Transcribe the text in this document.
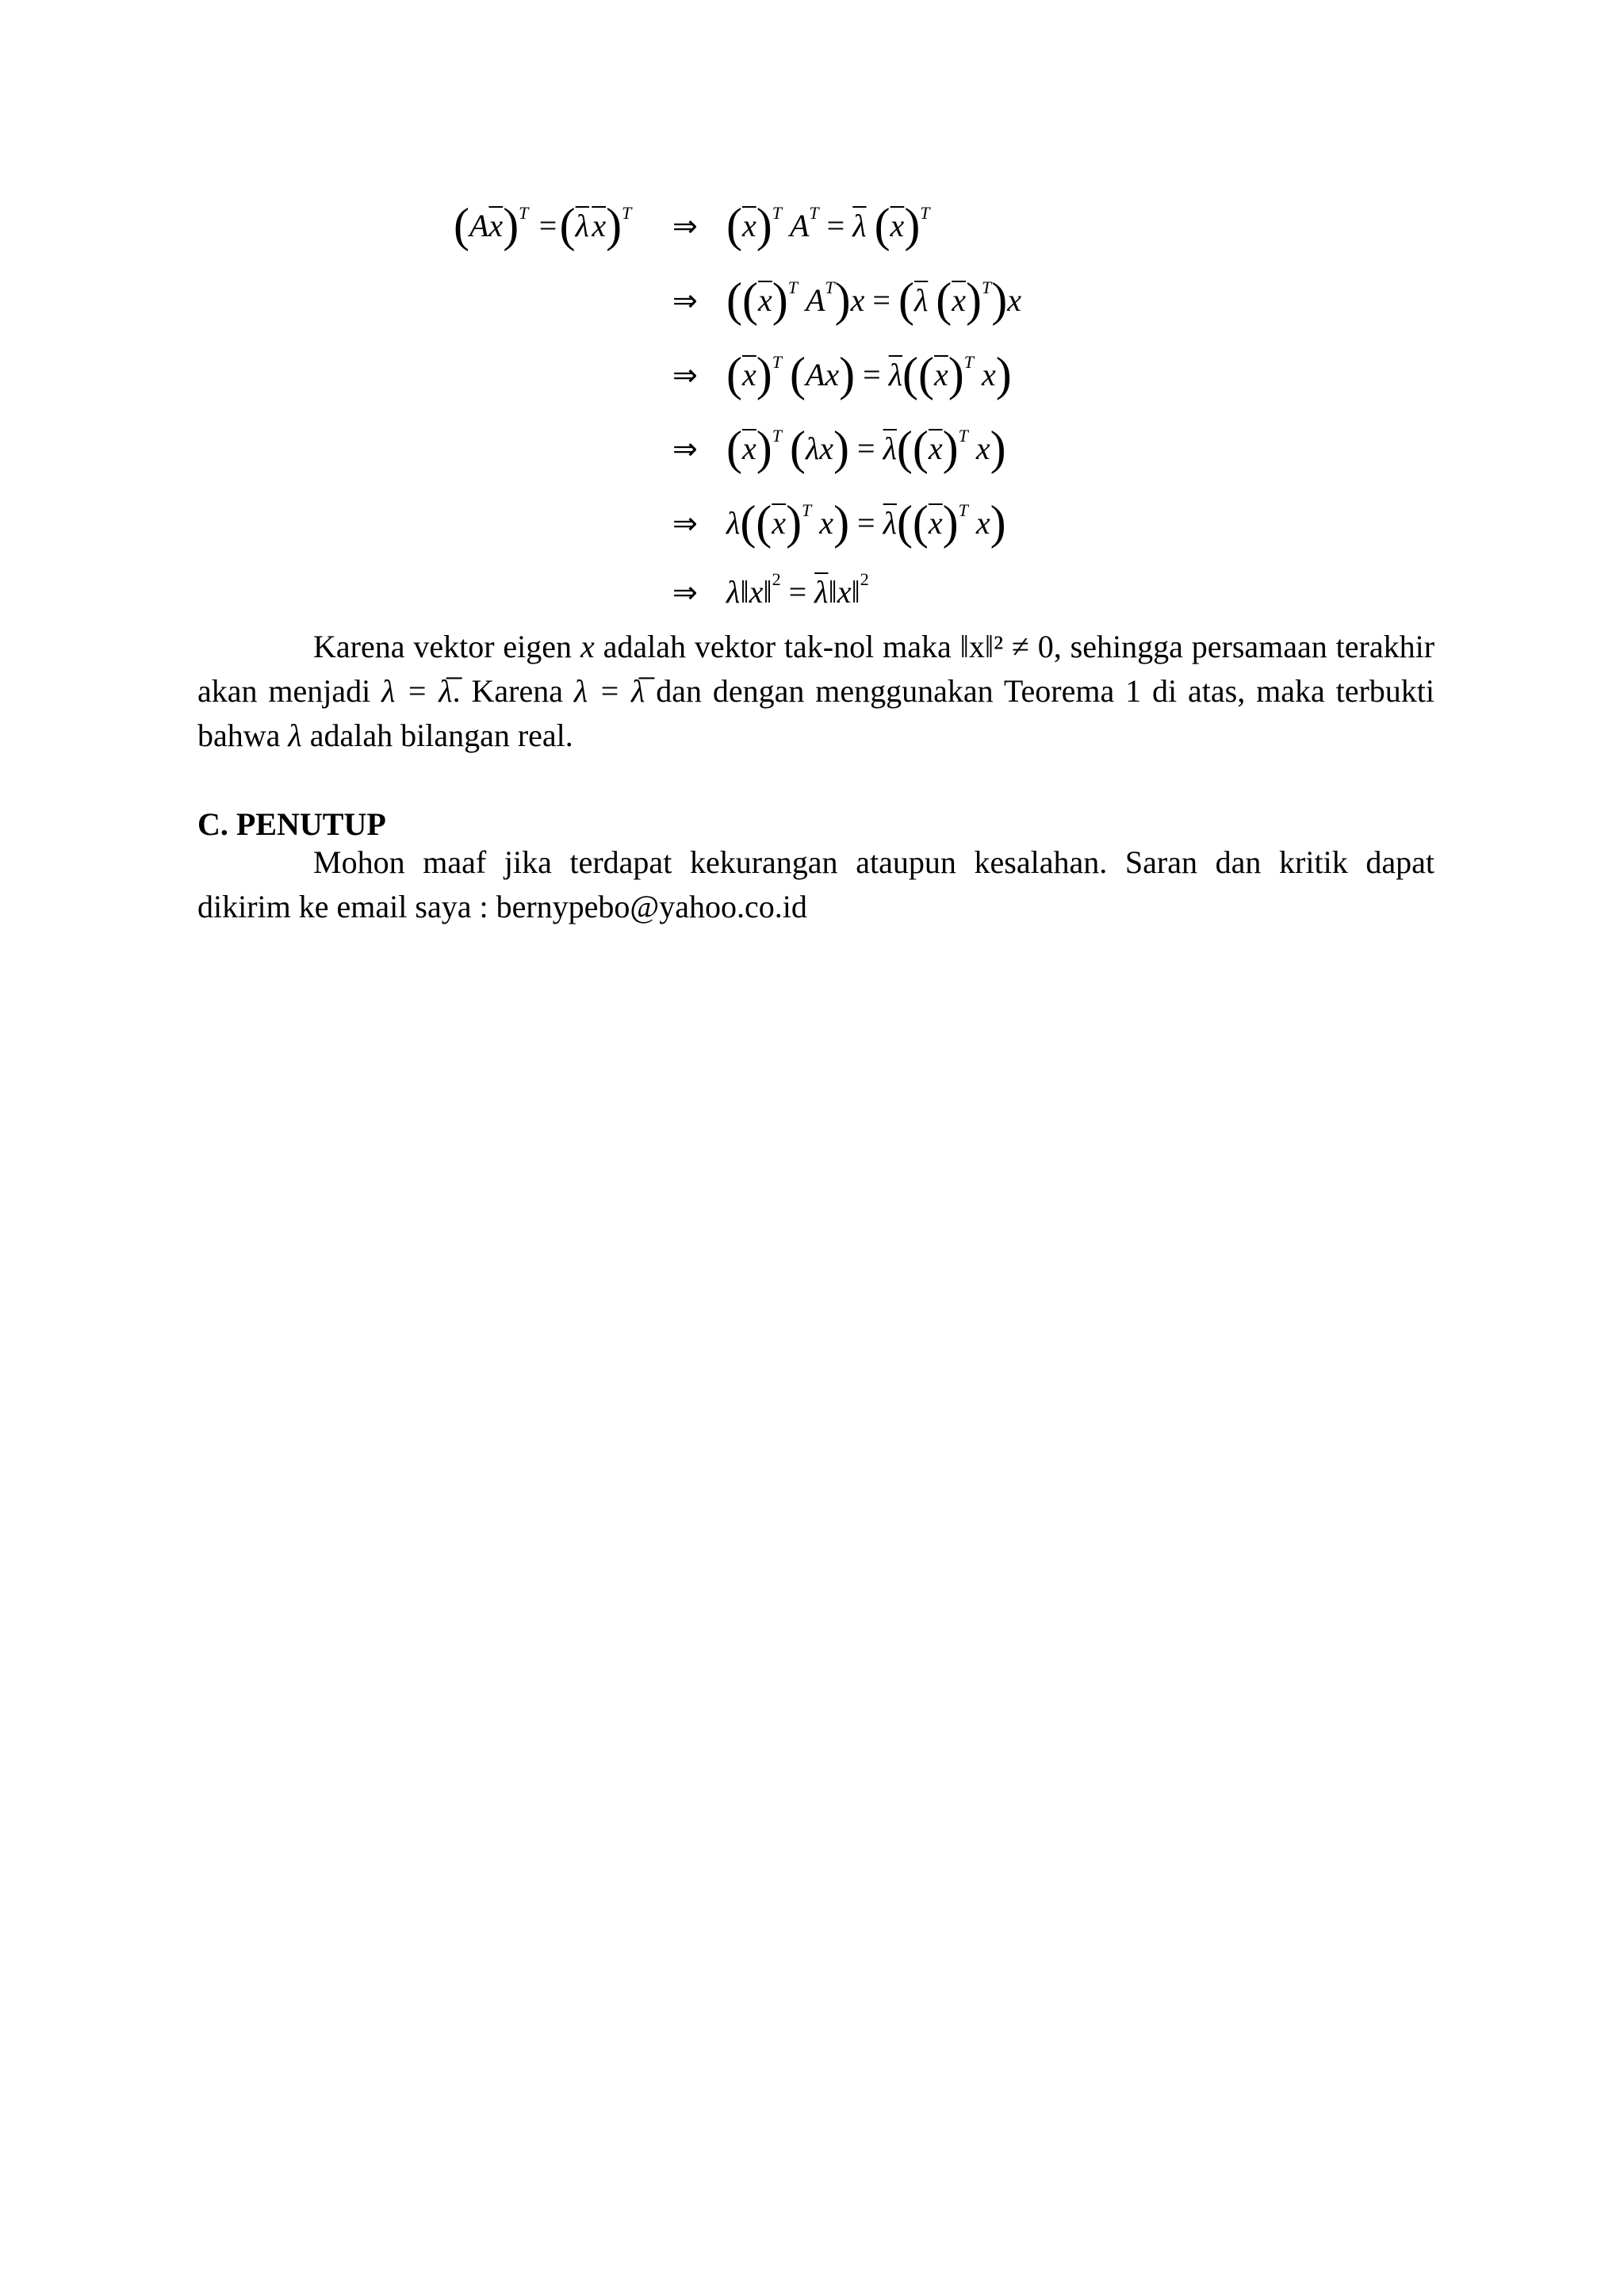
$(A\overline{x})^T$  = ($\overline{\lambda}$ $\overline{x})^T$ ⇒
⇒
⇒
⇒
⇒
⇒
$(\overline{x})^T$ $A^T = \overline{\lambda}$ $(\overline{x})^T$
($(\overline{x})^T$ $A^T)x = (\overline{\lambda}$ $(\overline{x})^T)x$
$(\overline{x})^T$ $(Ax) = \overline{\lambda}((\overline{x})^T$ x)
$(\overline{x})^T$ $(\lambda x) = \overline{\lambda}((\overline{x})^T$ x)
$\lambda((\overline{x})^T$ $x) = \overline{\lambda}((\overline{x})^T$ x)
λ‖x‖$^2$ = $\overline{\lambda}‖x‖^2$
Karena vektor eigen x adalah vektor tak-nol maka ‖x‖² ≠ 0, sehingga persamaan terakhir akan menjadi λ = λ̅. Karena λ = λ̅ dan dengan menggunakan Teorema 1 di atas, maka terbukti bahwa λ adalah bilangan real.
C. PENUTUP
Mohon maaf jika terdapat kekurangan ataupun kesalahan. Saran dan kritik dapat dikirim ke email saya : bernypebo@yahoo.co.id
